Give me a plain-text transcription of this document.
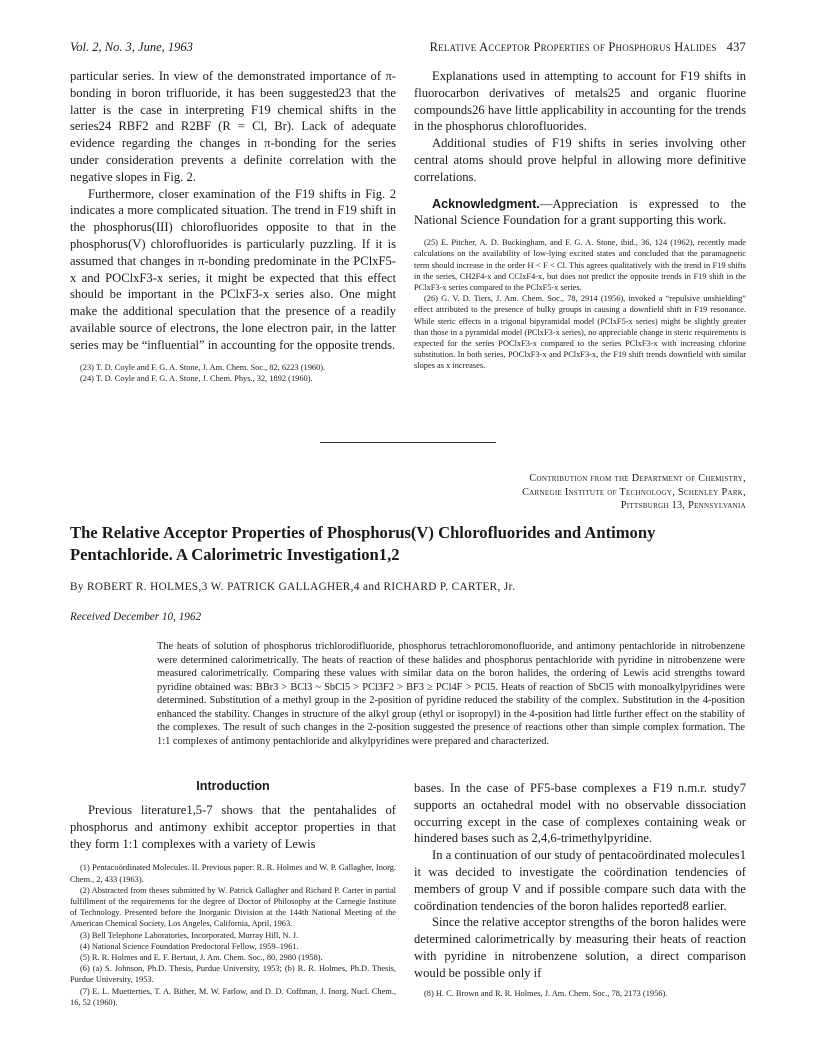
Vol. 2, No. 3, June, 1963	Relative Acceptor Properties of Phosphorus Halides 437

particular series. In view of the demonstrated importance of π-bonding in boron trifluoride, it has been suggested23 that the latter is the case in interpreting F19 chemical shifts in the series24 RBF2 and R2BF (R = Cl, Br). Lack of adequate evidence regarding the changes in π-bonding for the series under consideration prevents a definite correlation with the negative slopes in Fig. 2.

Furthermore, closer examination of the F19 shifts in Fig. 2 indicates a more complicated situation. The trend in F19 shift in the phosphorus(III) chlorofluorides opposite to that in the phosphorus(V) chlorofluorides is particularly puzzling. If it is assumed that changes in π-bonding predominate in the PClxF5-x and POClxF3-x series, it might be expected that this effect should be important in the PClxF3-x series also. One might make the additional speculation that the presence of a readily available source of electrons, the lone electron pair, in the latter series may be “influential” in accounting for the opposite trends.

(23) T. D. Coyle and F. G. A. Stone, J. Am. Chem. Soc., 82, 6223 (1960).

(24) T. D. Coyle and F. G. A. Stone, J. Chem. Phys., 32, 1892 (1960).

Explanations used in attempting to account for F19 shifts in fluorocarbon derivatives of metals25 and organic fluorine compounds26 have little applicability in accounting for the trends in the phosphorus chlorofluorides.

Additional studies of F19 shifts in series involving other central atoms should prove helpful in allowing more definitive correlations.

Acknowledgment.—Appreciation is expressed to the National Science Foundation for a grant supporting this work.

(25) E. Pitcher, A. D. Buckingham, and F. G. A. Stone, ibid., 36, 124 (1962), recently made calculations on the availability of low-lying excited states and concluded that the paramagnetic term should increase in the order H < F < Cl. This agrees qualitatively with the trend in F19 shifts in the series, CH2F4-x and CClxF4-x, but does not predict the opposite trends in F19 shift in the PClxF3-x series compared to the PClxF5-x series.

(26) G. V. D. Tiers, J. Am. Chem. Soc., 78, 2914 (1956), invoked a “repulsive unshielding” effect attributed to the presence of bulky groups in causing a downfield shift in F19 resonance. While steric effects in a trigonal bipyramidal model (PClxF5-x series) might be slightly greater than those in a pyramidal model (PClxF3-x series), no appreciable change in steric requirements is expected for the series POClxF3-x compared to the series PClxF3-x with increasing chlorine substitution. In both series, POClxF3-x and PClxF3-x, the F19 shift trends downfield with similar slopes as x increases.

Contribution from the Department of Chemistry,
Carnegie Institute of Technology, Schenley Park,
Pittsburgh 13, Pennsylvania
The Relative Acceptor Properties of Phosphorus(V) Chlorofluorides and Antimony Pentachloride. A Calorimetric Investigation1,2
By ROBERT R. HOLMES,3 W. PATRICK GALLAGHER,4 and RICHARD P. CARTER, Jr.
Received December 10, 1962

The heats of solution of phosphorus trichlorodifluoride, phosphorus tetrachloromonofluoride, and antimony pentachloride in nitrobenzene were determined calorimetrically. The heats of reaction of these halides and phosphorus pentachloride with pyridine in nitrobenzene were measured calorimetrically. Comparing these values with similar data on the boron halides, the ordering of Lewis acid strengths toward pyridine obtained was: BBr3 > BCl3 ~ SbCl5 > PCl3F2 > BF3 ≥ PCl4F > PCl5. Heats of reaction of SbCl5 with monoalkylpyridines were determined. Substitution of a methyl group in the 2-position of pyridine reduced the stability of the complex. Substitution in the 4-position enhanced the stability. Changes in structure of the alkyl group (ethyl or isopropyl) in the 4-position had little further effect on the stability of the complexes. The result of such changes in the 2-position suggested the presence of reactions other than simple complex formation. The 1:1 complexes of antimony pentachloride and alkylpyridines were prepared and characterized.

Introduction

Previous literature1,5-7 shows that the pentahalides of phosphorus and antimony exhibit acceptor properties in that they form 1:1 complexes with a variety of Lewis

(1) Pentacoördinated Molecules. II. Previous paper: R. R. Holmes and W. P. Gallagher, Inorg. Chem., 2, 433 (1963).

(2) Abstracted from theses submitted by W. Patrick Gallagher and Richard P. Carter in partial fulfillment of the requirements for the degree of Doctor of Philosophy at the Carnegie Institute of Technology. Presented before the Inorganic Division at the 144th National Meeting of the American Chemical Society, Los Angeles, California, April, 1963.

(3) Bell Telephone Laboratories, Incorporated, Murray Hill, N. J.

(4) National Science Foundation Predoctoral Fellow, 1959–1961.

(5) R. R. Holmes and E. F. Bertaut, J. Am. Chem. Soc., 80, 2980 (1958).

(6) (a) S. Johnson, Ph.D. Thesis, Purdue University, 1953; (b) R. R. Holmes, Ph.D. Thesis, Purdue University, 1953.

(7) E. L. Muetterties, T. A. Bither, M. W. Farlow, and D. D. Coffman, J. Inorg. Nucl. Chem., 16, 52 (1960).

bases. In the case of PF5-base complexes a F19 n.m.r. study7 supports an octahedral model with no observable dissociation occurring except in the case of complexes containing weak or hindered bases such as 2,4,6-trimethylpyridine.

In a continuation of our study of pentacoördinated molecules1 it was decided to investigate the coördination tendencies of members of group V and if possible compare such data with the coördination tendencies of the boron halides reported8 earlier.

Since the relative acceptor strengths of the boron halides were determined calorimetrically by measuring their heats of reaction with pyridine in nitrobenzene solution, a direct comparison would be possible only if

(8) H. C. Brown and R. R. Holmes, J. Am. Chem. Soc., 78, 2173 (1956).
